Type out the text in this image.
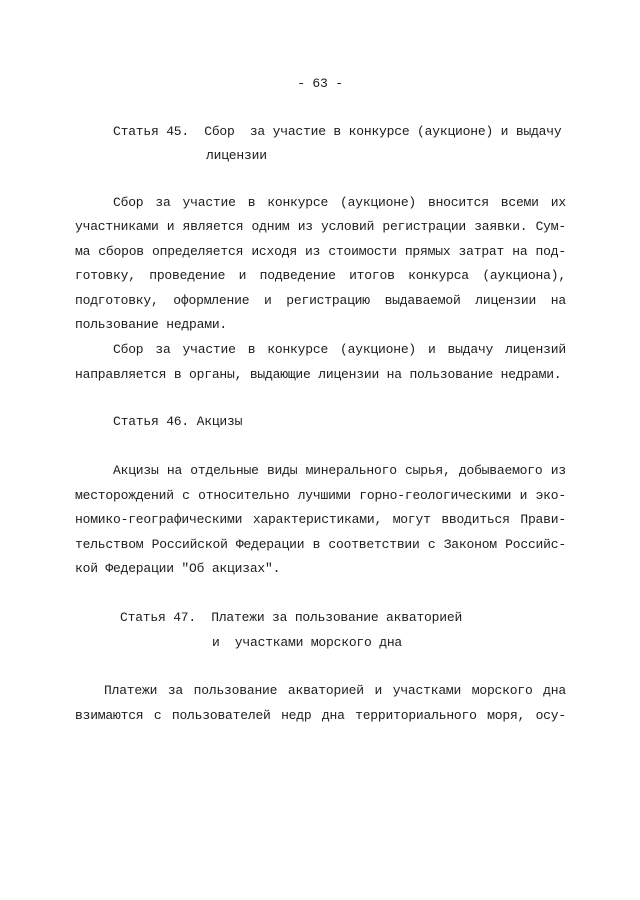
- 63 -
Статья 45.  Сбор  за участие в конкурсе (аукционе) и выдачу
лицензии
Сбор за участие в конкурсе (аукционе) вносится всеми их
участниками и является одним из условий регистрации заявки. Сум-
ма сборов определяется исходя из стоимости прямых затрат на под-
готовку, проведение и подведение итогов конкурса (аукциона),
подготовку, оформление и регистрацию выдаваемой лицензии на
пользование недрами.
Сбор за участие в конкурсе (аукционе) и выдачу лицензий
направляется в органы, выдающие лицензии на пользование недрами.
Статья 46. Акцизы
Акцизы на отдельные виды минерального сырья, добываемого из
месторождений с относительно лучшими горно-геологическими и эко-
номико-географическими характеристиками, могут вводиться Прави-
тельством Российской Федерации в соответствии с Законом Российс-
кой Федерации "Об акцизах".
Статья 47.  Платежи за пользование акваторией
и  участками морского дна
Платежи за пользование акваторией и участками морского дна
взимаются с пользователей недр дна территориального моря, осу-
